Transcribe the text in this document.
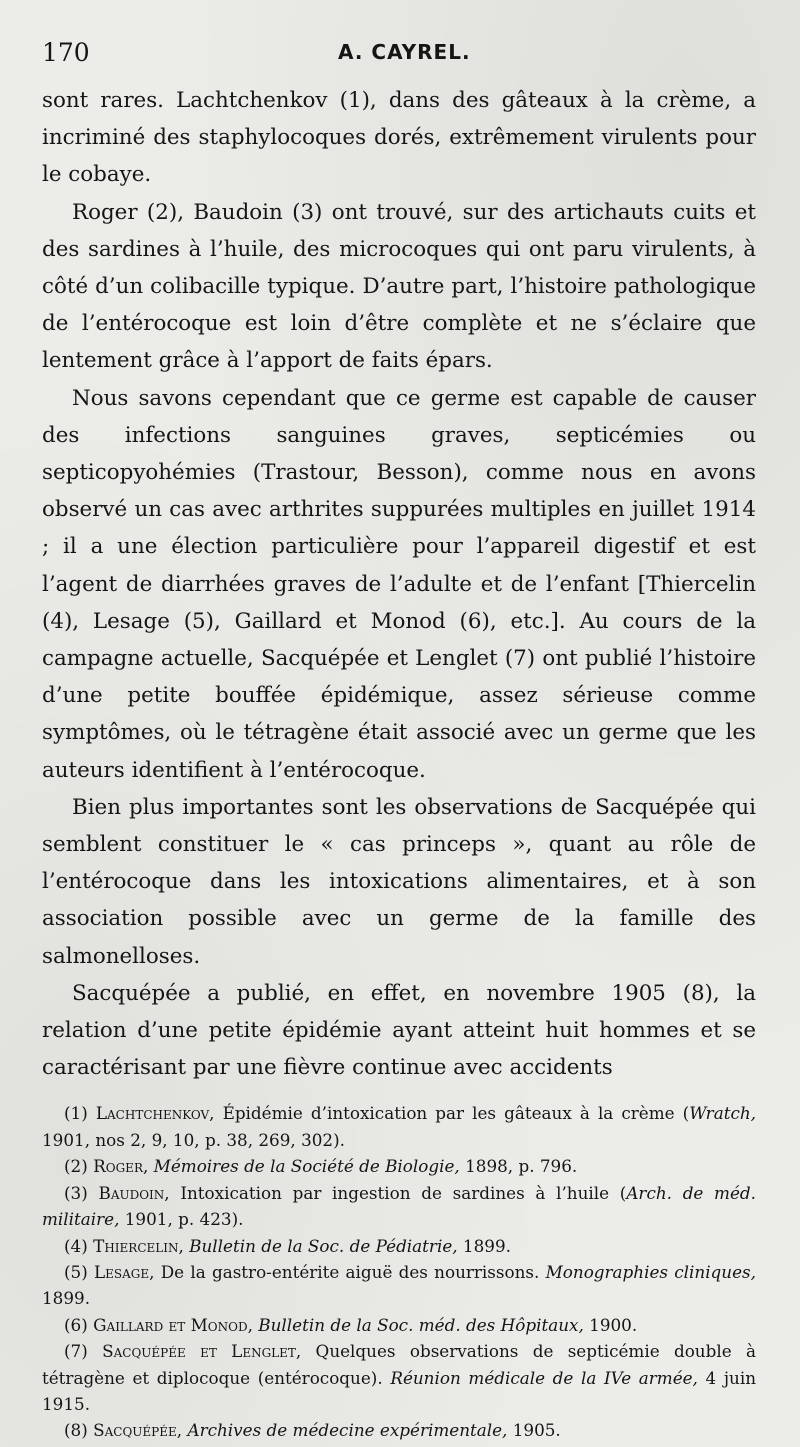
170	A. CAYREL.

sont rares. Lachtchenkov (1), dans des gâteaux à la crème, a incriminé des staphylocoques dorés, extrêmement virulents pour le cobaye.

Roger (2), Baudoin (3) ont trouvé, sur des artichauts cuits et des sardines à l’huile, des microcoques qui ont paru virulents, à côté d’un colibacille typique. D’autre part, l’histoire pathologique de l’entérocoque est loin d’être complète et ne s’éclaire que lentement grâce à l’apport de faits épars.

Nous savons cependant que ce germe est capable de causer des infections sanguines graves, septicémies ou septicopyohémies (Trastour, Besson), comme nous en avons observé un cas avec arthrites suppurées multiples en juillet 1914 ; il a une élection particulière pour l’appareil digestif et est l’agent de diarrhées graves de l’adulte et de l’enfant [Thiercelin (4), Lesage (5), Gaillard et Monod (6), etc.]. Au cours de la campagne actuelle, Sacquépée et Lenglet (7) ont publié l’histoire d’une petite bouffée épidémique, assez sérieuse comme symptômes, où le tétragène était associé avec un germe que les auteurs identifient à l’entérocoque.

Bien plus importantes sont les observations de Sacquépée qui semblent constituer le « cas princeps », quant au rôle de l’entérocoque dans les intoxications alimentaires, et à son association possible avec un germe de la famille des salmonelloses.

Sacquépée a publié, en effet, en novembre 1905 (8), la relation d’une petite épidémie ayant atteint huit hommes et se caractérisant par une fièvre continue avec accidents

(1) Lachtchenkov, Épidémie d’intoxication par les gâteaux à la crème (Wratch, 1901, nos 2, 9, 10, p. 38, 269, 302).
(2) Roger, Mémoires de la Société de Biologie, 1898, p. 796.
(3) Baudoin, Intoxication par ingestion de sardines à l’huile (Arch. de méd. militaire, 1901, p. 423).
(4) Thiercelin, Bulletin de la Soc. de Pédiatrie, 1899.
(5) Lesage, De la gastro-entérite aiguë des nourrissons. Monographies cliniques, 1899.
(6) Gaillard et Monod, Bulletin de la Soc. méd. des Hôpitaux, 1900.
(7) Sacquépée et Lenglet, Quelques observations de septicémie double à tétragène et diplocoque (entérocoque). Réunion médicale de la IVe armée, 4 juin 1915.
(8) Sacquépée, Archives de médecine expérimentale, 1905.
